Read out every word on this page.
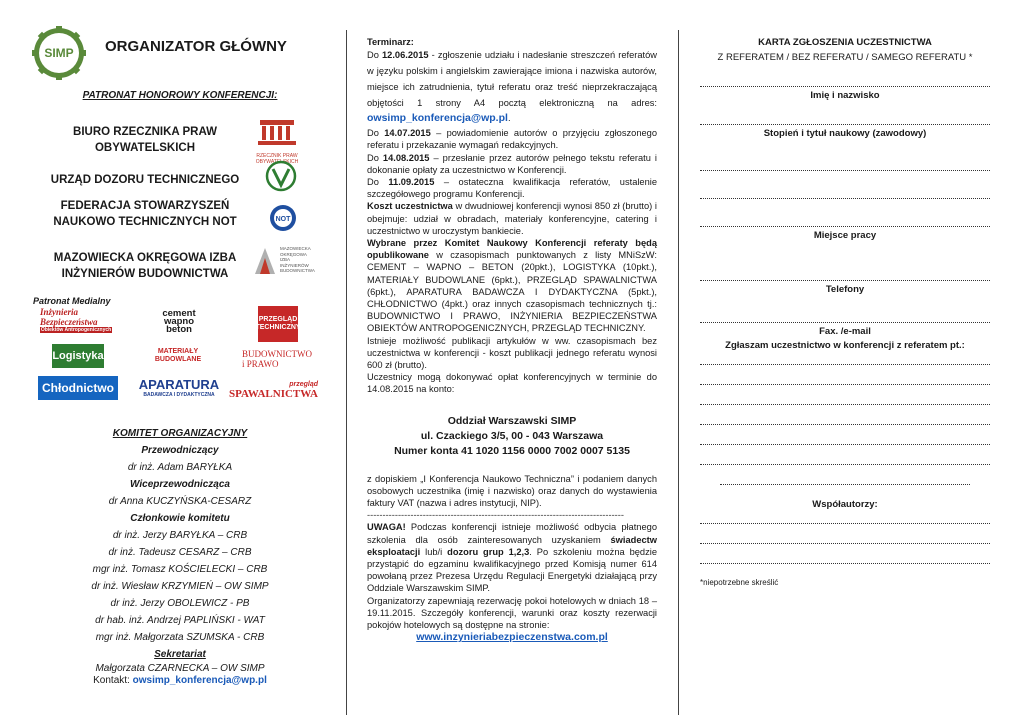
SIMP ORGANIZATOR GŁÓWNY
PATRONAT HONOROWY KONFERENCJI:
BIURO RZECZNIKA PRAW OBYWATELSKICH
RZECZNIK PRAW OBYWATELSKICH
URZĄD DOZORU TECHNICZNEGO
FEDERACJA STOWARZYSZEŃ NAUKOWO TECHNICZNYCH NOT	NOT
MAZOWIECKA OKRĘGOWA IZBA INŻYNIERÓW BUDOWNICTWA
MAZOWIECKA OKRĘGOWA IZBA INŻYNIERÓW BUDOWNICTWA
Patronat Medialny
Inżynieria Bezpieczeństwa
Obiektów Antropogenicznych
cement wapno beton
PRZEGLĄD TECHNICZNY
Logistyka	MATERIAŁY BUDOWLANE
BUDOWNICTWO i PRAWO
Chłodnictwo	APARATURA
BADAWCZA I DYDAKTYCZNA
przegląd
SPAWALNICTWA
KOMITET ORGANIZACYJNY
Przewodniczący
dr inż. Adam BARYŁKA
Wiceprzewodnicząca
dr Anna KUCZYŃSKA-CESARZ
Członkowie komitetu
dr inż. Jerzy BARYŁKA – CRB
dr inż. Tadeusz CESARZ – CRB
mgr inż. Tomasz KOŚCIELECKI – CRB
dr inż. Wiesław KRZYMIEŃ – OW SIMP
dr inż. Jerzy OBOLEWICZ - PB
dr hab. inż. Andrzej PAPLIŃSKI - WAT
mgr inż. Małgorzata SZUMSKA - CRB
Sekretariat
Małgorzata CZARNECKA – OW SIMP
Kontakt: owsimp_konferencja@wp.pl

Terminarz:

Do 12.06.2015 - zgłoszenie udziału i nadesłanie streszczeń referatów w języku polskim i angielskim zawierające imiona i nazwiska autorów, miejsce ich zatrudnienia, tytuł referatu oraz treść nieprzekraczającą objętości 1 strony A4 pocztą elektroniczną na adres: owsimp_konferencja@wp.pl.

Do 14.07.2015 – powiadomienie autorów o przyjęciu zgłoszonego referatu i przekazanie wymagań redakcyjnych.

Do 14.08.2015 – przesłanie przez autorów pełnego tekstu referatu i dokonanie opłaty za uczestnictwo w Konferencji.

Do 11.09.2015 – ostateczna kwalifikacja referatów, ustalenie szczegółowego programu Konferencji.

Koszt uczestnictwa w dwudniowej konferencji wynosi 850 zł (brutto) i obejmuje: udział w obradach, materiały konferencyjne, catering i uczestnictwo w uroczystym bankiecie.

Wybrane przez Komitet Naukowy Konferencji referaty będą opublikowane w czasopismach punktowanych z listy MNiSzW: CEMENT – WAPNO – BETON (20pkt.), LOGISTYKA (10pkt.), MATERIAŁY BUDOWLANE (6pkt.), PRZEGLĄD SPAWALNICTWA (6pkt.), APARATURA BADAWCZA I DYDAKTYCZNA (5pkt.), CHŁODNICTWO (4pkt.) oraz innych czasopismach technicznych tj.: BUDOWNICTWO I PRAWO, INŻYNIERIA BEZPIECZEŃSTWA OBIEKTÓW ANTROPOGENICZNYCH, PRZEGLĄD TECHNICZNY.

Istnieje możliwość publikacji artykułów w ww. czasopismach bez uczestnictwa w konferencji - koszt publikacji jednego referatu wynosi 600 zł (brutto).

Uczestnicy mogą dokonywać opłat konferencyjnych w terminie do 14.08.2015 na konto:

Oddział Warszawski SIMP
ul. Czackiego 3/5, 00 - 043 Warszawa
Numer konta 41 1020 1156 0000 7002 0007 5135

z dopiskiem „I Konferencja Naukowo Techniczna” i podaniem danych osobowych uczestnika (imię i nazwisko) oraz danych do wystawienia faktury VAT (nazwa i adres instytucji, NIP).

-----------------------------------------------------------------------------------

UWAGA! Podczas konferencji istnieje możliwość odbycia płatnego szkolenia dla osób zainteresowanych uzyskaniem świadectw eksploatacji lub/i dozoru grup 1,2,3. Po szkoleniu można będzie przystąpić do egzaminu kwalifikacyjnego przed Komisją numer 614 powołaną przez Prezesa Urzędu Regulacji Energetyki działającą przy Oddziale Warszawskim SIMP.

Organizatorzy zapewniają rezerwację pokoi hotelowych w dniach 18 – 19.11.2015. Szczegóły konferencji, warunki oraz koszty rezerwacji pokojów hotelowych są dostępne na stronie:

www.inzynieriabezpieczenstwa.com.pl

KARTA ZGŁOSZENIA UCZESTNICTWA
Z REFERATEM / BEZ REFERATU / SAMEGO REFERATU *
Imię i nazwisko
Stopień i tytuł naukowy (zawodowy)
Miejsce pracy
Telefony
Fax. /e-mail
Zgłaszam uczestnictwo w konferencji z referatem pt.:
Współautorzy:
*niepotrzebne skreślić
